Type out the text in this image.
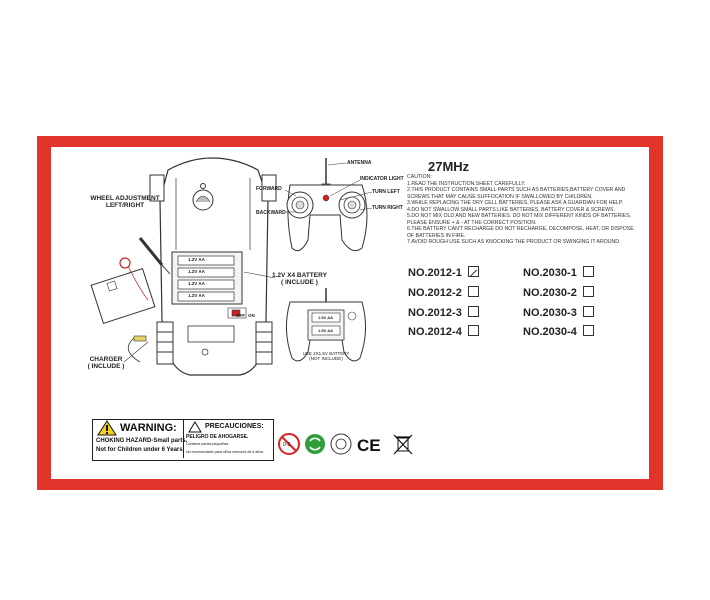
OFF ON
1.2V AA
1.2V AA
1.2V AA
1.2V AA
WHEEL ADJUSTMENT
LEFT/RIGHT
1.2V X4 BATTERY
( INCLUDE )
CHARGER
( INCLUDE )
ANTENNA
INDICATOR LIGHT
TURN LEFT
TURN RIGHT
FORWARD
BACKWARD
1.5V AA
1.5V AA
USE 2X1.5V BATTERY
(NOT INCLUDE)
27MHz
CAUTION:
1.READ THE INSTRUCTION SHEET CAREFULLY.
2.THIS PRODUCT CONTAINS SMALL PARTS SUCH AS BATTERIES,BATTERY COVER AND
SCREWS THAT MAY CAUSE SUFFOCATION IF SWALLOWED BY CHILDREN.
3.WHILE REPLACING THE DRY CELL BATTERIES, PLEASE ASK A GUARDIAN FOR HELP.
4.DO NOT SWALLOW SMALL PARTS LIKE BATTERIES, BATTERY COVER & SCREWS.
5.DO NOT MIX OLD AND NEW BATTERIES. DO NOT MIX DIFFERENT KINDS OF BATTERIES,
PLEASE ENSURE + & - AT THE CORRECT POSITION.
6.THE BATTERY CAN'T RECHARGE DO NOT RECHARGE, DECOMPOSE, HEAT, OR DISPOSE
OF BATTERIES IN FIRE.
7.AVOID ROUGH USE SUCH AS KNOCKING THE PRODUCT OR SWINGING IT AROUND.
NO.2012-1
NO.2012-2
NO.2012-3
NO.2012-4
NO.2030-1
NO.2030-2
NO.2030-3
NO.2030-4
WARNING:
CHOKING HAZARD-Small parts.
Not for Children under 6 Years.
PRECAUCIONES:
PELIGRO DE AHOGARSE.
Contiene partes pequeñas.
No recomendado para niños menores de 6 años.
0-3	CE
